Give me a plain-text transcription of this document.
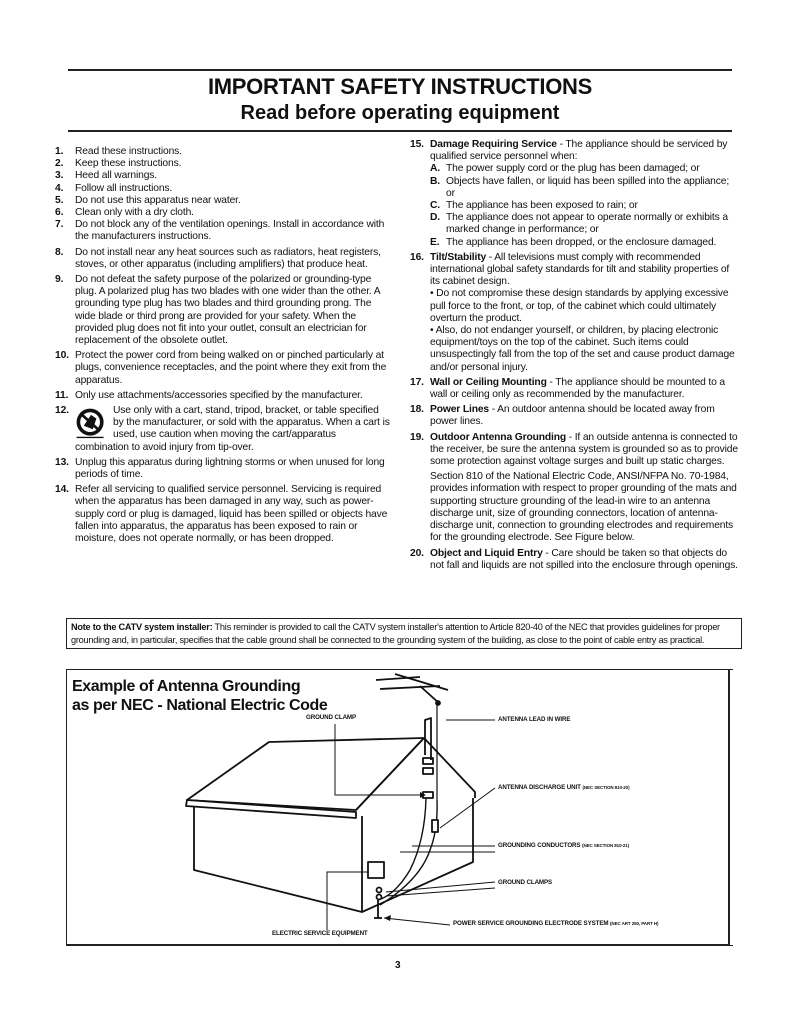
IMPORTANT SAFETY INSTRUCTIONS
Read before operating equipment
1.	Read these instructions.
2.	Keep these instructions.
3.	Heed all warnings.
4.	Follow all instructions.
5.	Do not use this apparatus near water.
6.	Clean only with a dry cloth.
7.	Do not block any of the ventilation openings. Install in accordance with the manufacturers instructions.
8.	Do not install near any heat sources such as radiators, heat registers, stoves, or other apparatus (including amplifiers) that produce heat.
9.	Do not defeat the safety purpose of the polarized or grounding-type plug. A polarized plug has two blades with one wider than the other. A grounding type plug has two blades and third grounding prong. The wide blade or third prong are provided for your safety. When the provided plug does not fit into your outlet, consult an electrician for replacement of the obsolete outlet.
10. Protect the power cord from being walked on or pinched particularly at plugs, convenience receptacles, and the point where they exit from the apparatus.
11. Only use attachments/accessories specified by the manufacturer.
12.	Use only with a cart, stand, tripod, bracket, or table specified by the manufacturer, or sold with the apparatus. When a cart is used, use caution when moving the cart/apparatus combination to avoid injury from tip-over.
13. Unplug this apparatus during lightning storms or when unused for long periods of time.
14. Refer all servicing to qualified service personnel. Servicing is required when the apparatus has been damaged in any way, such as power-supply cord or plug is damaged, liquid has been spilled or objects have fallen into apparatus, the apparatus has been exposed to rain or moisture, does not operate normally, or has been dropped.
15. Damage Requiring Service - The appliance should be serviced by qualified service personnel when:
A. The power supply cord or the plug has been damaged; or
B. Objects have fallen, or liquid has been spilled into the appliance; or
C. The appliance has been exposed to rain; or
D. The appliance does not appear to operate normally or exhibits a marked change in performance; or
E. The appliance has been dropped, or the enclosure damaged.
16. Tilt/Stability - All televisions must comply with recommended international global safety standards for tilt and stability properties of its cabinet design.
• Do not compromise these design standards by applying excessive pull force to the front, or top, of the cabinet which could ultimately overturn the product.
• Also, do not endanger yourself, or children, by placing electronic equipment/toys on the top of the cabinet. Such items could unsuspectingly fall from the top of the set and cause product damage and/or personal injury.
17. Wall or Ceiling Mounting - The appliance should be mounted to a wall or ceiling only as recommended by the manufacturer.
18. Power Lines - An outdoor antenna should be located away from power lines.
19. Outdoor Antenna Grounding - If an outside antenna is connected to the receiver, be sure the antenna system is grounded so as to provide some protection against voltage surges and built up static charges.
Section 810 of the National Electric Code, ANSI/NFPA No. 70-1984, provides information with respect to proper grounding of the mats and supporting structure grounding of the lead-in wire to an antenna discharge unit, size of grounding connectors, location of antenna-discharge unit, connection to grounding electrodes and requirements for the grounding electrode. See Figure below.
20. Object and Liquid Entry - Care should be taken so that objects do not fall and liquids are not spilled into the enclosure through openings.
Note to the CATV system installer: This reminder is provided to call the CATV system installer's attention to Article 820-40 of the NEC that provides guidelines for proper grounding and, in particular, specifies that the cable ground shall be connected to the grounding system of the building, as close to the point of cable entry as practical.
Example of Antenna Grounding
as per NEC - National Electric Code
GROUND CLAMP	ANTENNA LEAD IN WIRE
ANTENNA DISCHARGE UNIT (NEC SECTION 810-20)
GROUNDING CONDUCTORS (NEC SECTION 810-21)
GROUND CLAMPS
POWER SERVICE GROUNDING ELECTRODE SYSTEM (NEC ART 250, PART H)
ELECTRIC SERVICE EQUIPMENT
3
